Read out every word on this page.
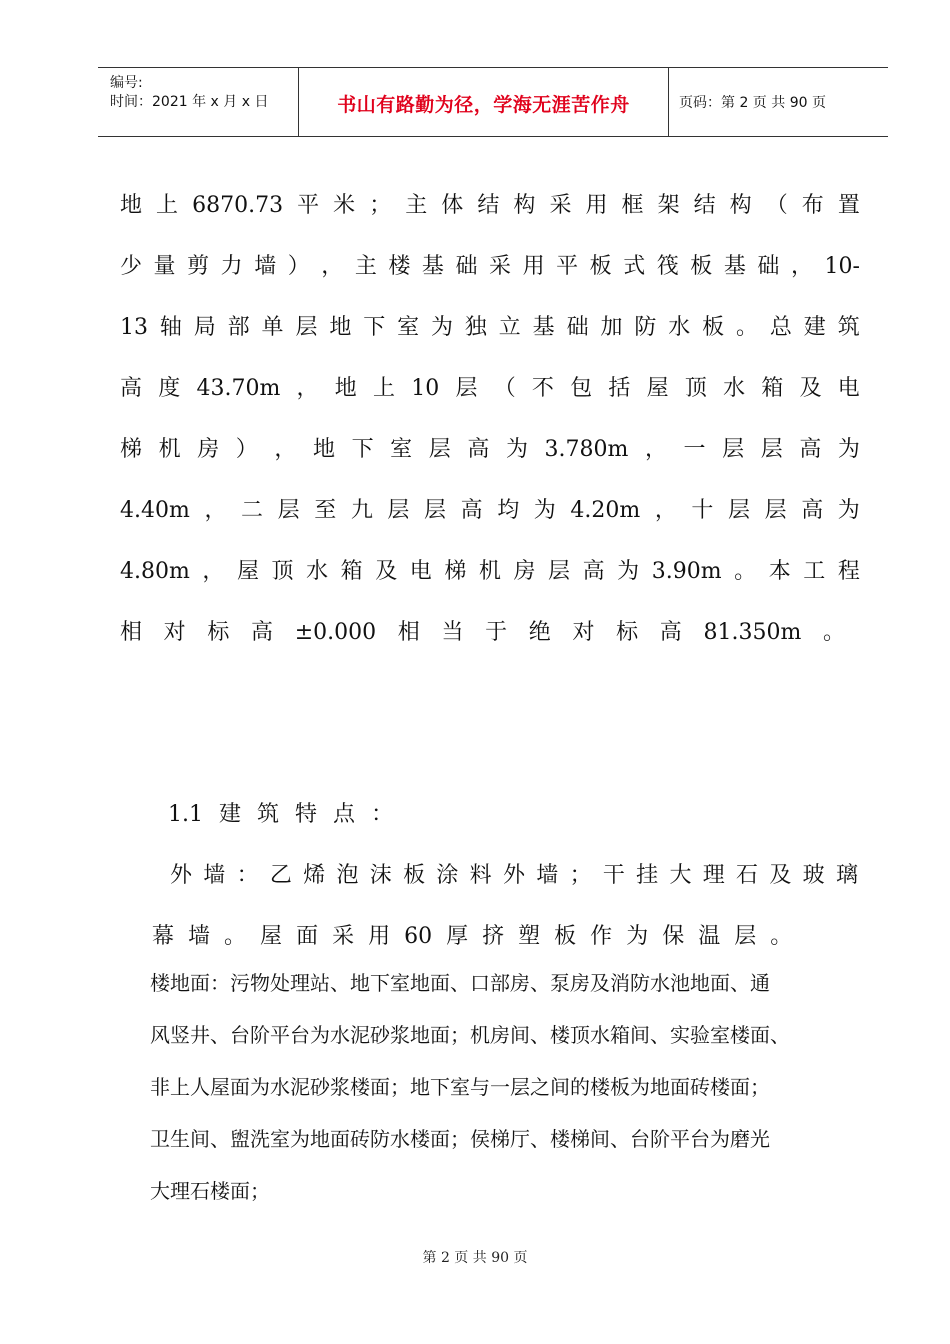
编号:
时间：2021 年 x 月 x 日	书山有路勤为径，学海无涯苦作舟	页码：第 2 页 共 90 页
地 上 6870.73 平 米 ； 主 体 结 构 采 用 框 架 结 构 （ 布 置
少 量 剪 力 墙 ） ， 主 楼 基 础 采 用 平 板 式 筏 板 基 础 ， 10-
13 轴 局 部 单 层 地 下 室 为 独 立 基 础 加 防 水 板 。 总 建 筑
高 度 43.70m ， 地 上 10 层 （ 不 包 括 屋 顶 水 箱 及 电
梯 机 房 ） ， 地 下 室 层 高 为 3.780m ， 一 层 层 高 为
4.40m ， 二 层 至 九 层 层 高 均 为 4.20m ， 十 层 层 高 为
4.80m ， 屋 顶 水 箱 及 电 梯 机 房 层 高 为 3.90m 。 本 工 程
相 对 标 高 ±0.000 相 当 于 绝 对 标 高 81.350m 。
1.1 建 筑 特 点 ：
外 墙 ： 乙 烯 泡 沫 板 涂 料 外 墙 ； 干 挂 大 理 石 及 玻 璃
幕 墙 。 屋 面 采 用 60 厚 挤 塑 板 作 为 保 温 层 。
楼地面：污物处理站、地下室地面、口部房、泵房及消防水池地面、通
风竖井、台阶平台为水泥砂浆地面；机房间、楼顶水箱间、实验室楼面、
非上人屋面为水泥砂浆楼面；地下室与一层之间的楼板为地面砖楼面；
卫生间、盥洗室为地面砖防水楼面；侯梯厅、楼梯间、台阶平台为磨光
大理石楼面；
第 2 页 共 90 页
